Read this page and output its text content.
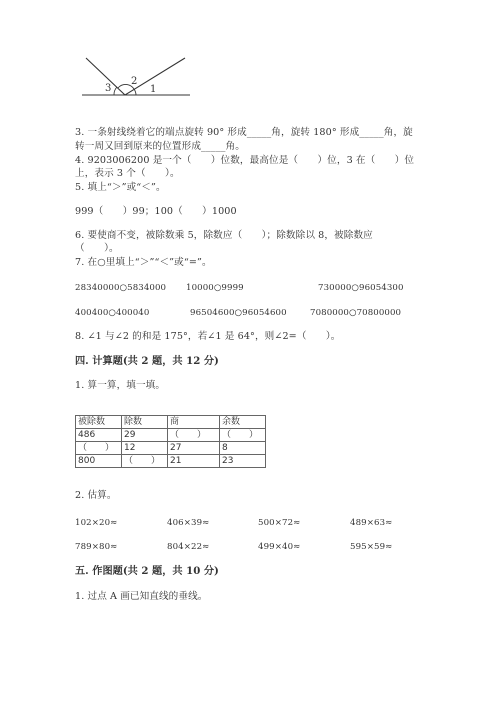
3
2
1
3. 一条射线绕着它的端点旋转 90° 形成_____角，旋转 180° 形成_____角，旋
转一周又回到原来的位置形成_____角。
4. 9203006200 是一个（　　）位数，最高位是（　　）位，3 在（　　）位
上，表示 3 个（　　）。
5. 填上“＞”或“＜”。
999（　　）99；100（　　）1000
6. 要使商不变，被除数乘 5，除数应（　　）；除数除以 8，被除数应
（　　）。
7. 在○里填上“＞”“＜”或“=”。
28340000○5834000 10000○9999	730000○96054300
400400○400040	96504600○96054600	7080000○70800000
8. ∠1 与∠2 的和是 175°，若∠1 是 64°，则∠2=（　　）。
四. 计算题(共 2 题，共 12 分)
1. 算一算，填一填。
被除数	除数	商	余数
486	29	（　　）	（　　）
（　　）	12	27	8
800	（　　）	21	23
2. 估算。
102×20≈	406×39≈	500×72≈	489×63≈
789×80≈	804×22≈	499×40≈	595×59≈
五. 作图题(共 2 题，共 10 分)
1. 过点 A 画已知直线的垂线。
